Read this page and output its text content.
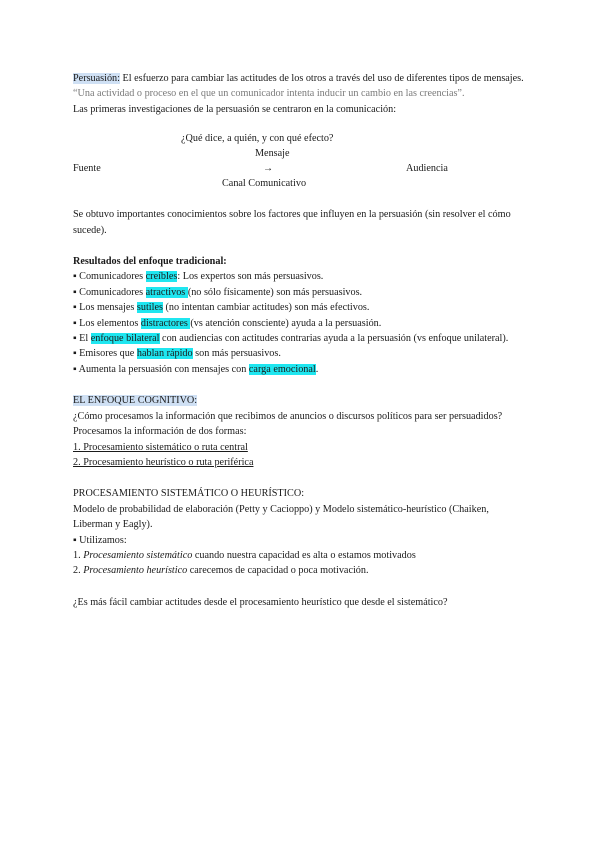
Persuasión: El esfuerzo para cambiar las actitudes de los otros a través del uso de diferentes tipos de mensajes. “Una actividad o proceso en el que un comunicador intenta inducir un cambio en las creencias”.

Las primeras investigaciones de la persuasión se centraron en la comunicación:

¿Qué dice, a quién, y con qué efecto?
Mensaje
Fuente	→	Audiencia
Canal Comunicativo

Se obtuvo importantes conocimientos sobre los factores que influyen en la persuasión (sin resolver el cómo sucede).

Resultados del enfoque tradicional:

▪ Comunicadores creíbles: Los expertos son más persuasivos.

▪ Comunicadores atractivos (no sólo físicamente) son más persuasivos.

▪ Los mensajes sutiles (no intentan cambiar actitudes) son más efectivos.

▪ Los elementos distractores (vs atención consciente) ayuda a la persuasión.

▪ El enfoque bilateral con audiencias con actitudes contrarias ayuda a la persuasión (vs enfoque unilateral).

▪ Emisores que hablan rápido son más persuasivos.

▪ Aumenta la persuasión con mensajes con carga emocional.

EL ENFOQUE COGNITIVO:

¿Cómo procesamos la información que recibimos de anuncios o discursos políticos para ser persuadidos?

Procesamos la información de dos formas:

1. Procesamiento sistemático o ruta central

2. Procesamiento heurístico o ruta periférica

PROCESAMIENTO SISTEMÁTICO O HEURÍSTICO:

Modelo de probabilidad de elaboración (Petty y Cacioppo) y Modelo sistemático-heurístico (Chaiken, Liberman y Eagly).

▪ Utilizamos:

1. Procesamiento sistemático cuando nuestra capacidad es alta o estamos motivados

2. Procesamiento heurístico carecemos de capacidad o poca motivación.

¿Es más fácil cambiar actitudes desde el procesamiento heurístico que desde el sistemático?
